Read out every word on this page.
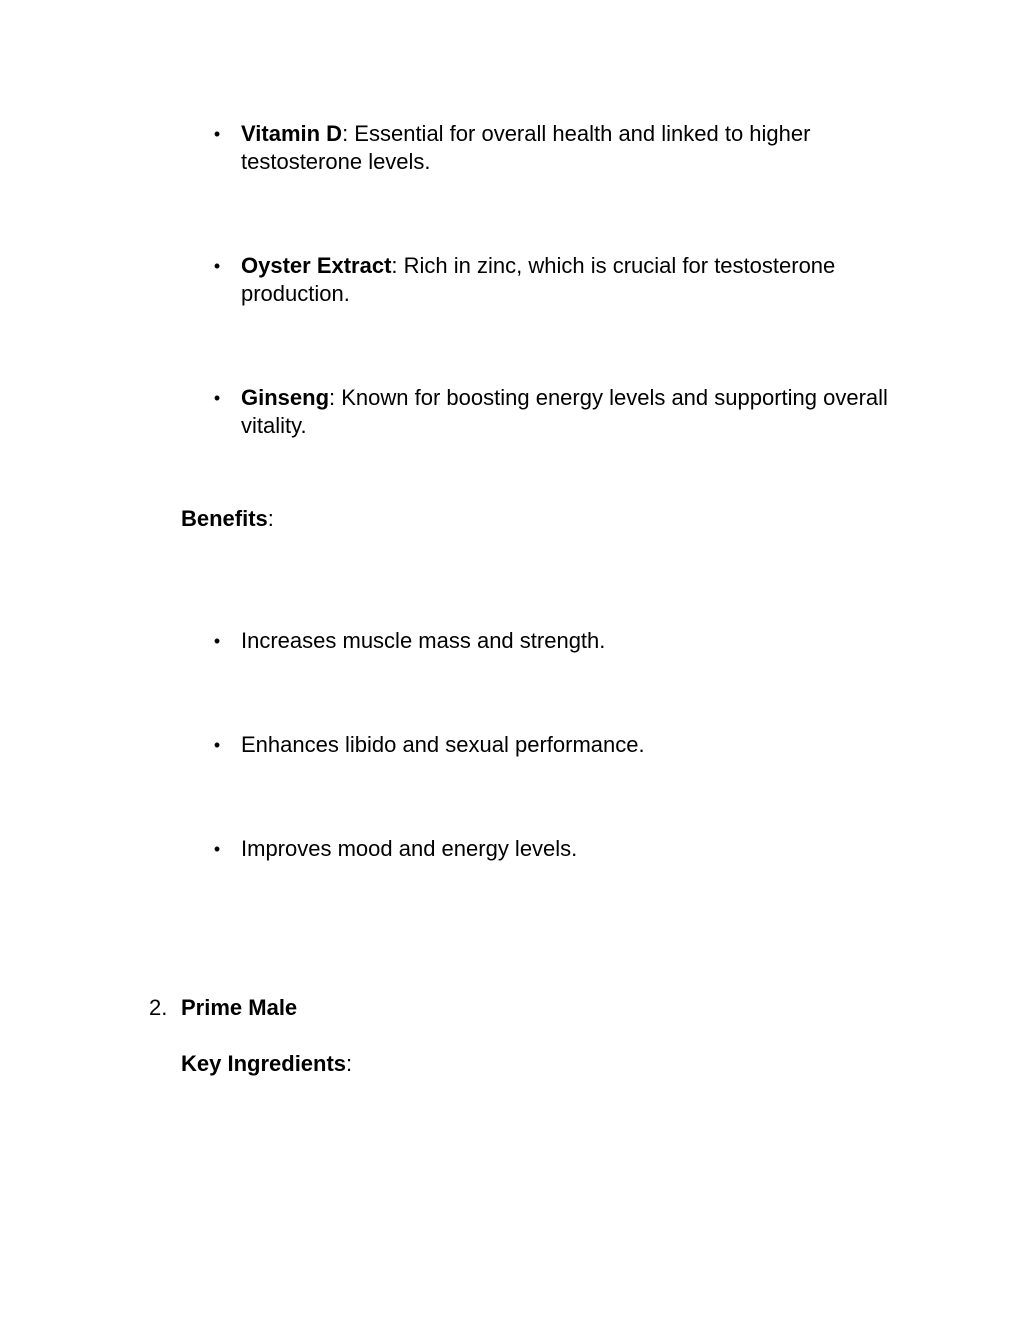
• Vitamin D: Essential for overall health and linked to higher testosterone levels.
• Oyster Extract: Rich in zinc, which is crucial for testosterone production.
• Ginseng: Known for boosting energy levels and supporting overall vitality.
Benefits:
• Increases muscle mass and strength.
• Enhances libido and sexual performance.
• Improves mood and energy levels.
2. Prime Male
Key Ingredients:
